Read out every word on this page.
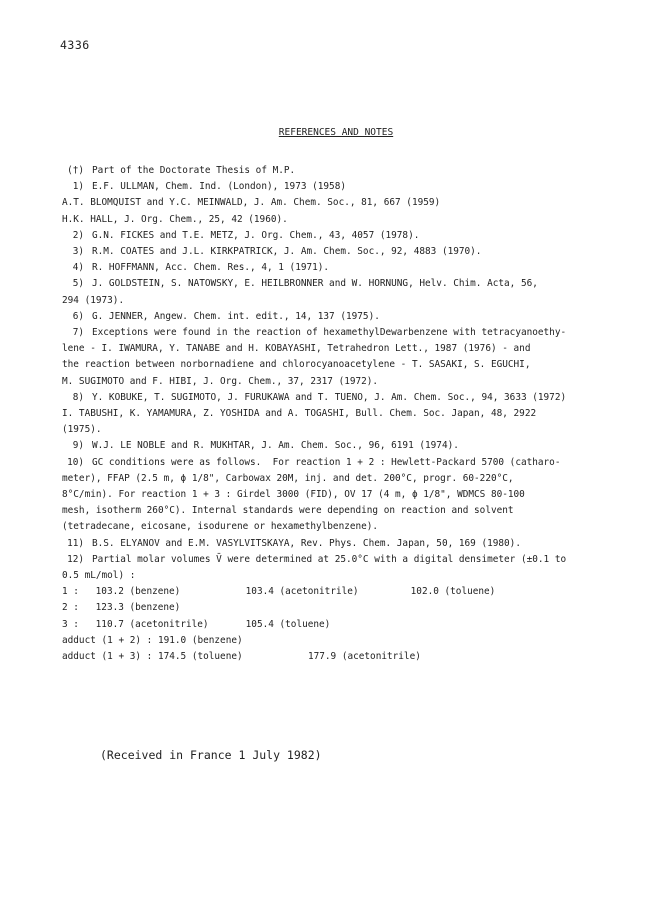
4336
REFERENCES AND NOTES
(†) Part of the Doctorate Thesis of M.P.
1) E.F. ULLMAN, Chem. Ind. (London), 1973 (1958)
A.T. BLOMQUIST and Y.C. MEINWALD, J. Am. Chem. Soc., 81, 667 (1959)
H.K. HALL, J. Org. Chem., 25, 42 (1960).
2) G.N. FICKES and T.E. METZ, J. Org. Chem., 43, 4057 (1978).
3) R.M. COATES and J.L. KIRKPATRICK, J. Am. Chem. Soc., 92, 4883 (1970).
4) R. HOFFMANN, Acc. Chem. Res., 4, 1 (1971).
5) J. GOLDSTEIN, S. NATOWSKY, E. HEILBRONNER and W. HORNUNG, Helv. Chim. Acta, 56,
294 (1973).
6) G. JENNER, Angew. Chem. int. edit., 14, 137 (1975).
7) Exceptions were found in the reaction of hexamethylDewarbenzene with tetracyanoethy-
lene - I. IWAMURA, Y. TANABE and H. KOBAYASHI, Tetrahedron Lett., 1987 (1976) - and
the reaction between norbornadiene and chlorocyanoacetylene - T. SASAKI, S. EGUCHI,
M. SUGIMOTO and F. HIBI, J. Org. Chem., 37, 2317 (1972).
8) Y. KOBUKE, T. SUGIMOTO, J. FURUKAWA and T. TUENO, J. Am. Chem. Soc., 94, 3633 (1972)
I. TABUSHI, K. YAMAMURA, Z. YOSHIDA and A. TOGASHI, Bull. Chem. Soc. Japan, 48, 2922
(1975).
9) W.J. LE NOBLE and R. MUKHTAR, J. Am. Chem. Soc., 96, 6191 (1974).
10) GC conditions were as follows.  For reaction 1 + 2 : Hewlett-Packard 5700 (catharo-
meter), FFAP (2.5 m, ϕ 1/8", Carbowax 20M, inj. and det. 200°C, progr. 60-220°C,
8°C/min). For reaction 1 + 3 : Girdel 3000 (FID), OV 17 (4 m, ϕ 1/8", WDMCS 80-100
mesh, isotherm 260°C). Internal standards were depending on reaction and solvent
(tetradecane, eicosane, isodurene or hexamethylbenzene).
11) B.S. ELYANOV and E.M. VASYLVITSKAYA, Rev. Phys. Chem. Japan, 50, 169 (1980).
12) Partial molar volumes V̄ were determined at 25.0°C with a digital densimeter (±0.1 to
0.5 mL/mol) :
1 : 103.2 (benzene)	103.4 (acetonitrile)	102.0 (toluene)
2 : 123.3 (benzene)
3 : 110.7 (acetonitrile)	105.4 (toluene)
adduct (1 + 2) : 191.0 (benzene)
adduct (1 + 3) : 174.5 (toluene)	177.9 (acetonitrile)
(Received in France 1 July 1982)
